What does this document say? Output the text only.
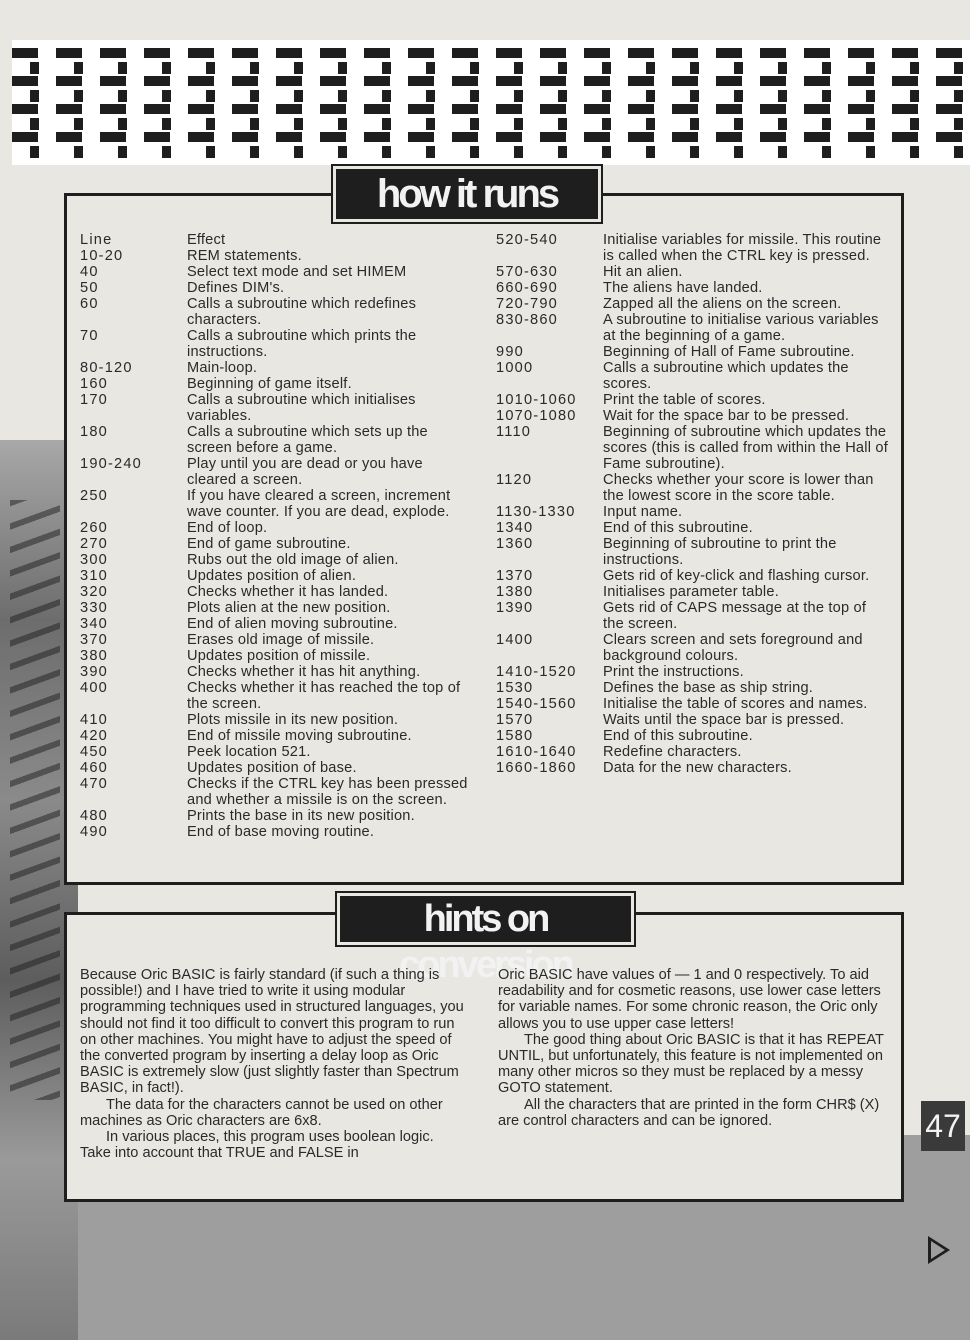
how it runs
Line	Effect
10-20	REM statements.
40	Select text mode and set HIMEM
50	Defines DIM's.
60	Calls a subroutine which redefines characters.
70	Calls a subroutine which prints the instructions.
80-120	Main-loop.
160	Beginning of game itself.
170	Calls a subroutine which initialises variables.
180	Calls a subroutine which sets up the screen before a game.
190-240	Play until you are dead or you have cleared a screen.
250	If you have cleared a screen, increment wave counter. If you are dead, explode.
260	End of loop.
270	End of game subroutine.
300	Rubs out the old image of alien.
310	Updates position of alien.
320	Checks whether it has landed.
330	Plots alien at the new position.
340	End of alien moving subroutine.
370	Erases old image of missile.
380	Updates position of missile.
390	Checks whether it has hit anything.
400	Checks whether it has reached the top of the screen.
410	Plots missile in its new position.
420	End of missile moving subroutine.
450	Peek location 521.
460	Updates position of base.
470	Checks if the CTRL key has been pressed and whether a missile is on the screen.
480	Prints the base in its new position.
490	End of base moving routine.
520-540	Initialise variables for missile. This routine is called when the CTRL key is pressed.
570-630	Hit an alien.
660-690	The aliens have landed.
720-790	Zapped all the aliens on the screen.
830-860	A subroutine to initialise various variables at the beginning of a game.
990	Beginning of Hall of Fame subroutine.
1000	Calls a subroutine which updates the scores.
1010-1060	Print the table of scores.
1070-1080	Wait for the space bar to be pressed.
1110	Beginning of subroutine which updates the scores (this is called from within the Hall of Fame subroutine).
1120	Checks whether your score is lower than the lowest score in the score table.
1130-1330	Input name.
1340	End of this subroutine.
1360	Beginning of subroutine to print the instructions.
1370	Gets rid of key-click and flashing cursor.
1380	Initialises parameter table.
1390	Gets rid of CAPS message at the top of the screen.
1400	Clears screen and sets foreground and background colours.
1410-1520	Print the instructions.
1530	Defines the base as ship string.
1540-1560	Initialise the table of scores and names.
1570	Waits until the space bar is pressed.
1580	End of this subroutine.
1610-1640	Redefine characters.
1660-1860	Data for the new characters.
hints on conversion

Because Oric BASIC is fairly standard (if such a thing is possible!) and I have tried to write it using modular programming techniques used in structured languages, you should not find it too difficult to convert this program to run on other machines. You might have to adjust the speed of the converted program by inserting a delay loop as Oric BASIC is extremely slow (just slightly faster than Spectrum BASIC, in fact!).

The data for the characters cannot be used on other machines as Oric characters are 6x8.

In various places, this program uses boolean logic. Take into account that TRUE and FALSE in

Oric BASIC have values of — 1 and 0 respectively. To aid readability and for cosmetic reasons, use lower case letters for variable names. For some chronic reason, the Oric only allows you to use upper case letters!

The good thing about Oric BASIC is that it has REPEAT UNTIL, but unfortunately, this feature is not implemented on many other micros so they must be replaced by a messy GOTO statement.

All the characters that are printed in the form CHR$ (X) are control characters and can be ignored.	47
